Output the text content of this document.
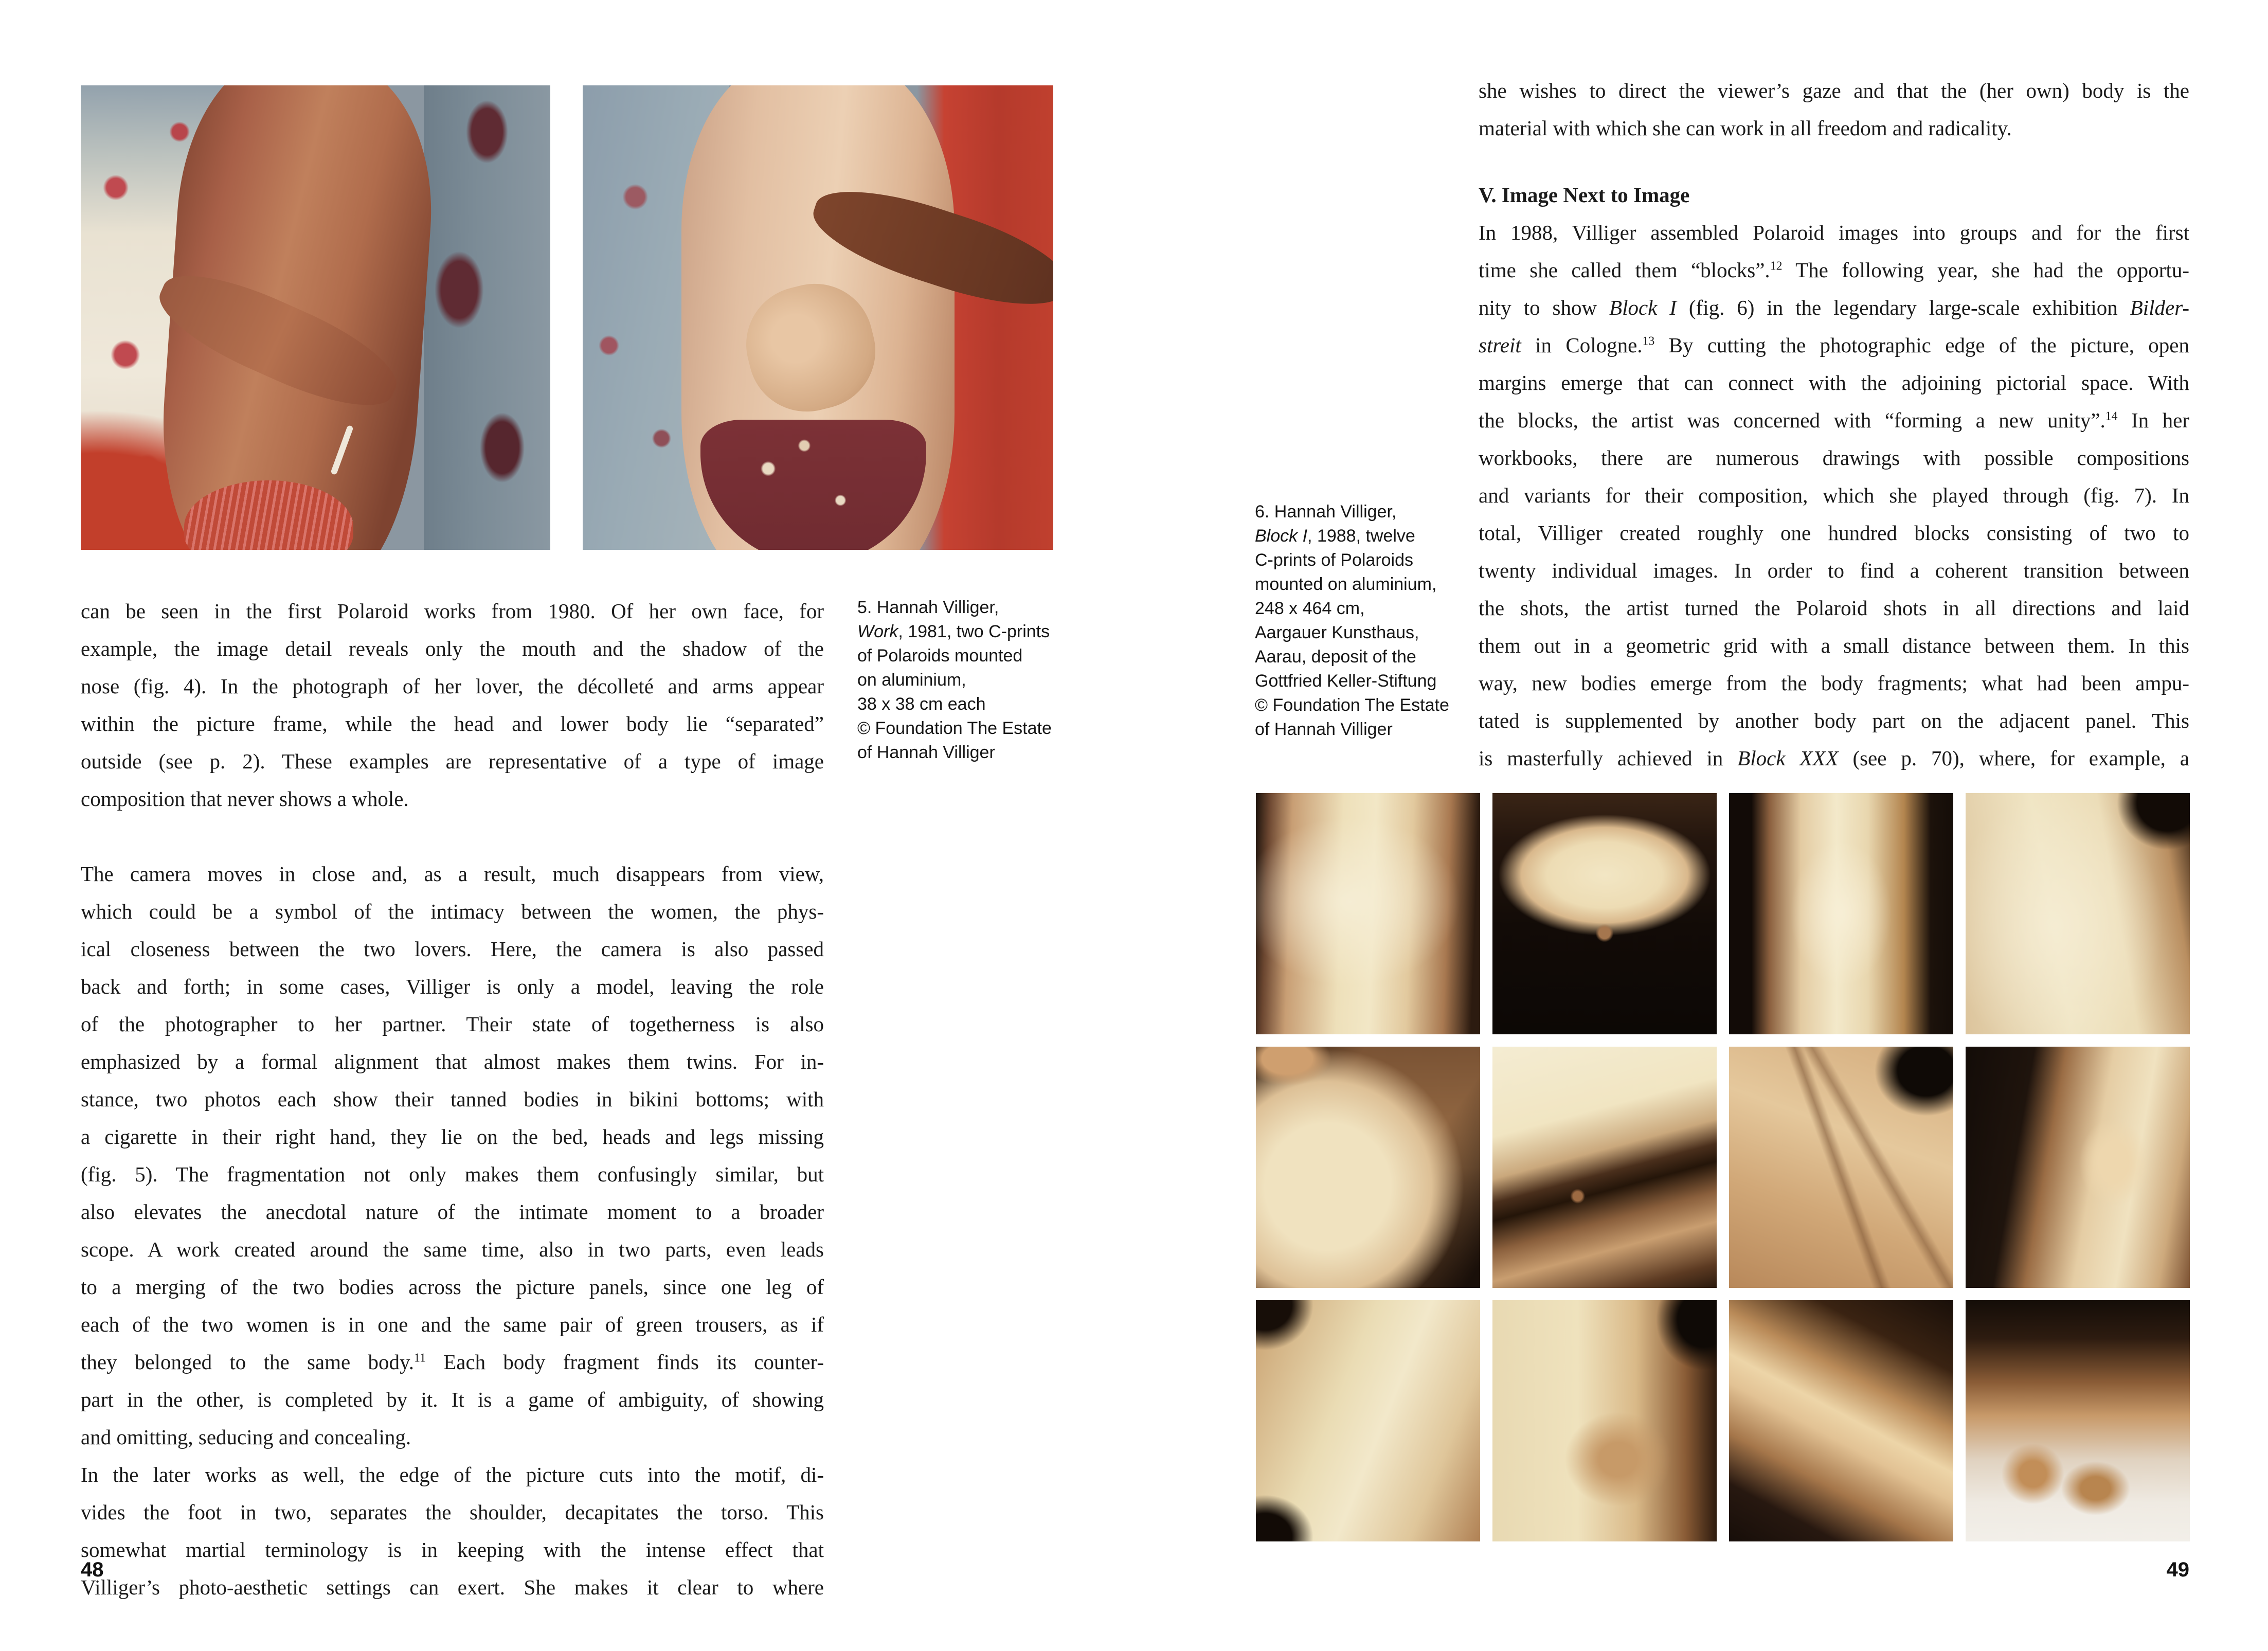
can be seen in the first Polaroid works from 1980. Of her own face, for
example, the image detail reveals only the mouth and the shadow of the
nose (fig. 4). In the photograph of her lover, the décolleté and arms appear
within the picture frame, while the head and lower body lie “separated”
outside (see p. 2). These examples are representative of a type of image
composition that never shows a whole.
The camera moves in close and, as a result, much disappears from view,
which could be a symbol of the intimacy between the women, the phys-
ical closeness between the two lovers. Here, the camera is also passed
back and forth; in some cases, Villiger is only a model, leaving the role
of the photographer to her partner. Their state of togetherness is also
emphasized by a formal alignment that almost makes them twins. For in-
stance, two photos each show their tanned bodies in bikini bottoms; with
a cigarette in their right hand, they lie on the bed, heads and legs missing
(fig. 5). The fragmentation not only makes them confusingly similar, but
also elevates the anecdotal nature of the intimate moment to a broader
scope. A work created around the same time, also in two parts, even leads
to a merging of the two bodies across the picture panels, since one leg of
each of the two women is in one and the same pair of green trousers, as if
they belonged to the same body.$^{11}$ Each body fragment finds its counter-
part in the other, is completed by it. It is a game of ambiguity, of showing
and omitting, seducing and concealing.
In the later works as well, the edge of the picture cuts into the motif, di-
vides the foot in two, separates the shoulder, decapitates the torso. This
somewhat martial terminology is in keeping with the intense effect that
Villiger’s photo-aesthetic settings can exert. She makes it clear to where
5. Hannah Villiger,
Work, 1981, two C-prints
of Polaroids mounted
on aluminium,
38 x 38 cm each
© Foundation The Estate
of Hannah Villiger
48
she wishes to direct the viewer’s gaze and that the (her own) body is the
material with which she can work in all freedom and radicality.
V. Image Next to Image
In 1988, Villiger assembled Polaroid images into groups and for the first
time she called them “blocks”.$^{12}$ The following year, she had the opportu-
nity to show Block I (fig. 6) in the legendary large-scale exhibition Bilder-
streit in Cologne.$^{13}$ By cutting the photographic edge of the picture, open
margins emerge that can connect with the adjoining pictorial space. With
the blocks, the artist was concerned with “forming a new unity”.$^{14}$ In her
workbooks, there are numerous drawings with possible compositions
and variants for their composition, which she played through (fig. 7). In
total, Villiger created roughly one hundred blocks consisting of two to
twenty individual images. In order to find a coherent transition between
the shots, the artist turned the Polaroid shots in all directions and laid
them out in a geometric grid with a small distance between them. In this
way, new bodies emerge from the body fragments; what had been ampu-
tated is supplemented by another body part on the adjacent panel. This
is masterfully achieved in Block XXX (see p. 70), where, for example, a
6. Hannah Villiger,
Block I, 1988, twelve
C-prints of Polaroids
mounted on aluminium,
248 x 464 cm,
Aargauer Kunsthaus,
Aarau, deposit of the
Gottfried Keller-Stiftung
© Foundation The Estate
of Hannah Villiger
49
